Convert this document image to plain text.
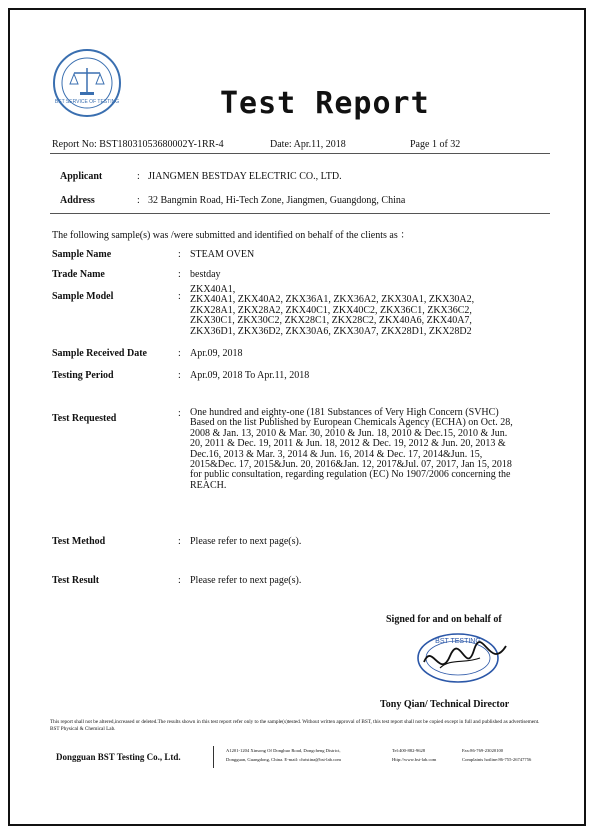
BST SERVICE OF TESTING	Test Report
Report No: BST18031053680002Y-1RR-4	Date: Apr.11, 2018	Page 1 of 32
Applicant	: JIANGMEN BESTDAY ELECTRIC CO., LTD.
Address	: 32 Bangmin Road, Hi-Tech Zone, Jiangmen, Guangdong, China
The following sample(s) was /were submitted and identified on behalf of the clients as ：
Sample Name	: STEAM OVEN
Trade Name	: bestday
Sample Model	:
ZKX40A1,
ZKX40A1, ZKX40A2, ZKX36A1, ZKX36A2, ZKX30A1, ZKX30A2,
ZKX28A1, ZKX28A2, ZKX40C1, ZKX40C2, ZKX36C1, ZKX36C2,
ZKX30C1, ZKX30C2, ZKX28C1, ZKX28C2, ZKX40A6, ZKX40A7,
ZKX36D1, ZKX36D2, ZKX30A6, ZKX30A7, ZKX28D1, ZKX28D2
Sample Received Date	: Apr.09, 2018
Testing Period	: Apr.09, 2018 To Apr.11, 2018
Test Requested	: One hundred and eighty-one (181 Substances of Very High Concern (SVHC)
Based on the list Published by European Chemicals Agency (ECHA) on Oct. 28,
2008 & Jan. 13, 2010 & Mar. 30, 2010 & Jun. 18, 2010 & Dec.15, 2010 & Jun.
20, 2011 & Dec. 19, 2011 & Jun. 18, 2012 & Dec. 19, 2012 & Jun. 20, 2013 &
Dec.16, 2013 & Mar. 3, 2014 & Jun. 16, 2014 & Dec. 17, 2014&Jun. 15,
2015&Dec. 17, 2015&Jun. 20, 2016&Jan. 12, 2017&Jul. 07, 2017, Jan 15, 2018
for public consultation, regarding regulation (EC) No 1907/2006 concerning the
REACH.
Test Method	: Please refer to next page(s).
Test Result	: Please refer to next page(s).
Signed for and on behalf of
BST TESTING
Tony Qian/ Technical Director
This report shall not be altered,increased or deleted.The results shown in this test report refer only to the sample(s)tested. Without written approval of BST, this test report shall not be copied except in full and published as advertisement. BST Physical & Chemical Lab.
Dongguan BST Testing Co., Ltd.
A1201-1204 Xinsong Of Donghuo Road, Dongcheng District,
Dongguan, Guangdong, China. E-mail: christina@bst-lab.com
Tel:400-882-9628
Http://www.bst-lab.com
Fax:86-769-23020100
Complaints hotline:86-755-26747756
